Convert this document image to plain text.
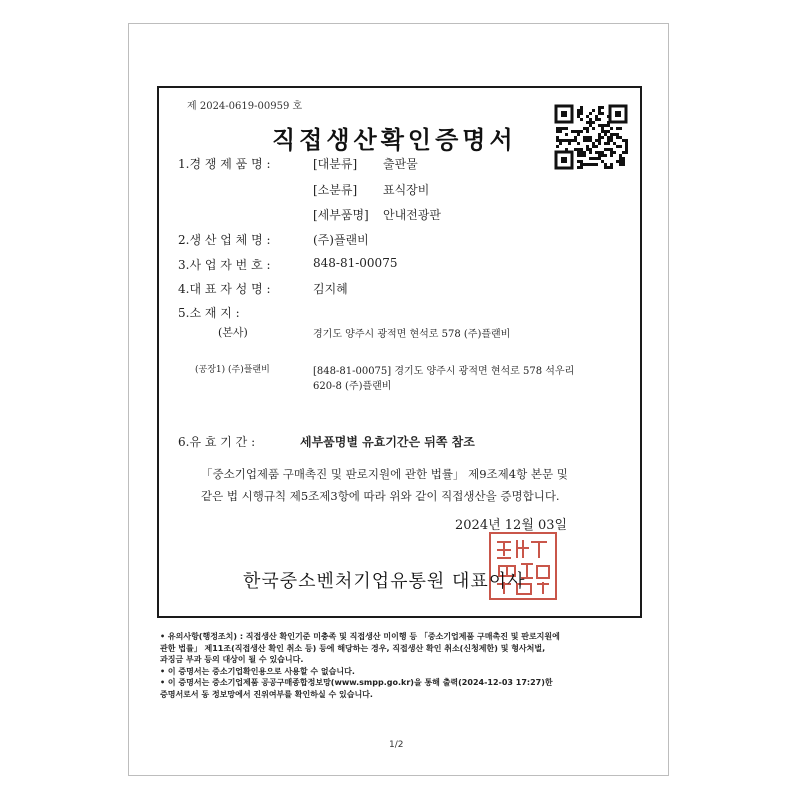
제 2024-0619-00959 호
직접생산확인증명서
1.경 쟁 제 품 명 :	[대분류] 출판물
[소분류] 표식장비
[세부품명] 안내전광판
2.생 산 업 체 명 :	(주)플랜비
3.사 업 자 번 호 :	848-81-00075
4.대 표 자 성 명 :	김지혜
5.소 재 지 :
(본사)	경기도 양주시 광적면 현석로 578 (주)플랜비
(공장1) (주)플랜비	[848-81-00075] 경기도 양주시 광적면 현석로 578 석우리
620-8 (주)플랜비
6.유 효 기 간 :	세부품명별 유효기간은 뒤쪽 참조
「중소기업제품 구매촉진 및 판로지원에 관한 법률」 제9조제4항 본문 및
같은 법 시행규칙 제5조제3항에 따라 위와 같이 직접생산을 증명합니다.
2024년 12월 03일
한국중소벤처기업유통원 대표이사

• 유의사항(행정조치) : 직접생산 확인기준 미충족 및 직접생산 미이행 등 「중소기업제품 구매촉진 및 판로지원에

관한 법률」 제11조(직접생산 확인 취소 등) 등에 해당하는 경우, 직접생산 확인 취소(신청제한) 및 형사처벌,

과징금 부과 등의 대상이 될 수 있습니다.

• 이 증명서는 중소기업확인용으로 사용할 수 없습니다.

• 이 증명서는 중소기업제품 공공구매종합정보망(www.smpp.go.kr)을 통해 출력(2024-12-03 17:27)한

증명서로서 동 정보망에서 진위여부를 확인하실 수 있습니다.

1/2
